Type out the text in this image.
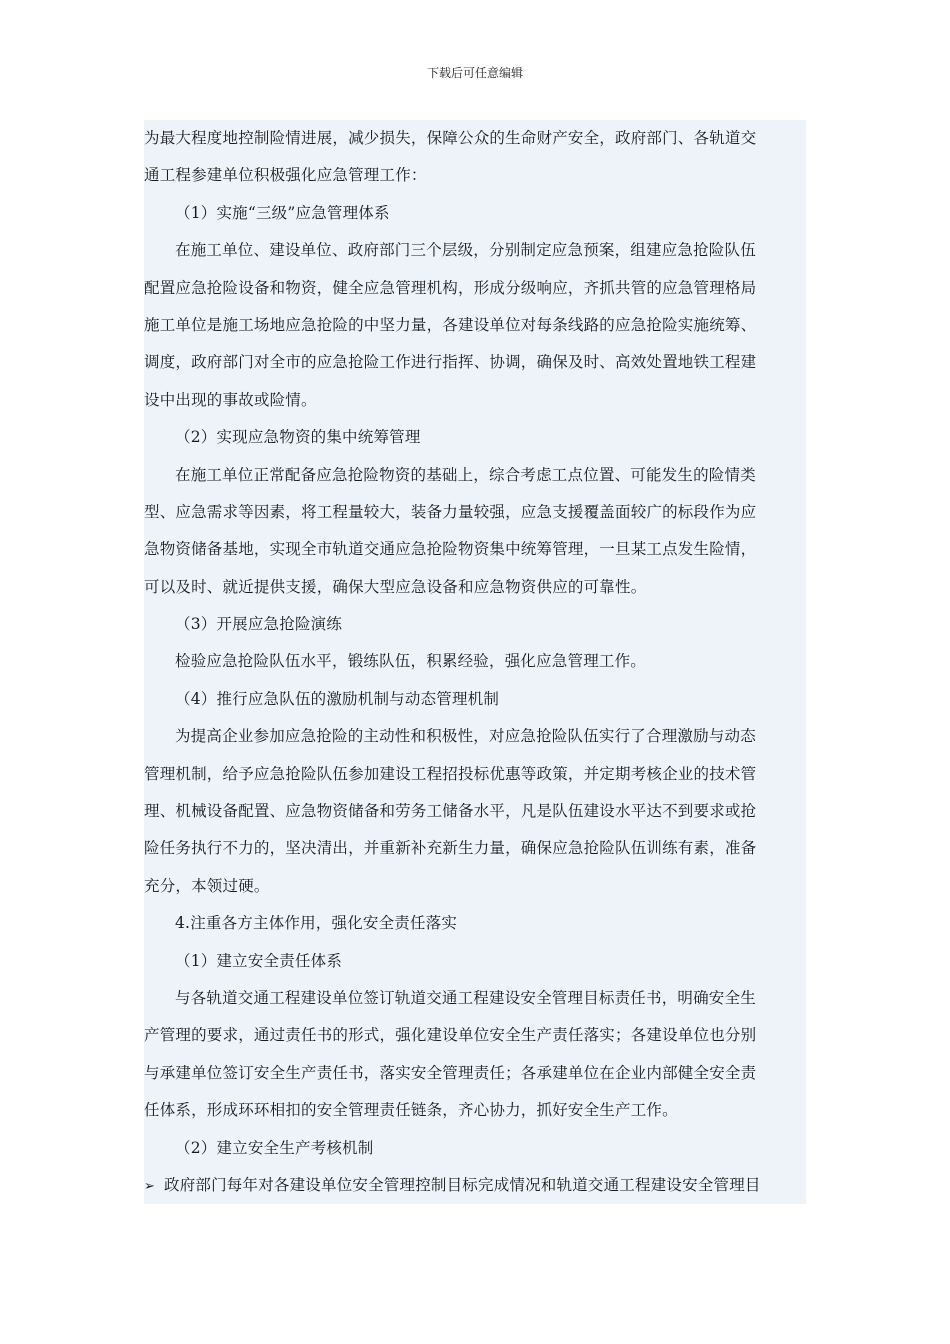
下载后可任意编辑
为最大程度地控制险情进展，减少损失，保障公众的生命财产安全，政府部门、各轨道交
通工程参建单位积极强化应急管理工作：
（1）实施“三级”应急管理体系
在施工单位、建设单位、政府部门三个层级，分别制定应急预案，组建应急抢险队伍
配置应急抢险设备和物资，健全应急管理机构，形成分级响应，齐抓共管的应急管理格局
施工单位是施工场地应急抢险的中坚力量，各建设单位对每条线路的应急抢险实施统筹、
调度，政府部门对全市的应急抢险工作进行指挥、协调，确保及时、高效处置地铁工程建
设中出现的事故或险情。
（2）实现应急物资的集中统筹管理
在施工单位正常配备应急抢险物资的基础上，综合考虑工点位置、可能发生的险情类
型、应急需求等因素，将工程量较大，装备力量较强，应急支援覆盖面较广的标段作为应
急物资储备基地，实现全市轨道交通应急抢险物资集中统筹管理，一旦某工点发生险情，
可以及时、就近提供支援，确保大型应急设备和应急物资供应的可靠性。
（3）开展应急抢险演练
检验应急抢险队伍水平，锻练队伍，积累经验，强化应急管理工作。
（4）推行应急队伍的激励机制与动态管理机制
为提高企业参加应急抢险的主动性和积极性，对应急抢险队伍实行了合理激励与动态
管理机制，给予应急抢险队伍参加建设工程招投标优惠等政策，并定期考核企业的技术管
理、机械设备配置、应急物资储备和劳务工储备水平，凡是队伍建设水平达不到要求或抢
险任务执行不力的，坚决清出，并重新补充新生力量，确保应急抢险队伍训练有素，准备
充分，本领过硬。
4.注重各方主体作用，强化安全责任落实
（1）建立安全责任体系
与各轨道交通工程建设单位签订轨道交通工程建设安全管理目标责任书，明确安全生
产管理的要求，通过责任书的形式，强化建设单位安全生产责任落实；各建设单位也分别
与承建单位签订安全生产责任书，落实安全管理责任；各承建单位在企业内部健全安全责
任体系，形成环环相扣的安全管理责任链条，齐心协力，抓好安全生产工作。
（2）建立安全生产考核机制
➢ 政府部门每年对各建设单位安全管理控制目标完成情况和轨道交通工程建设安全管理目
